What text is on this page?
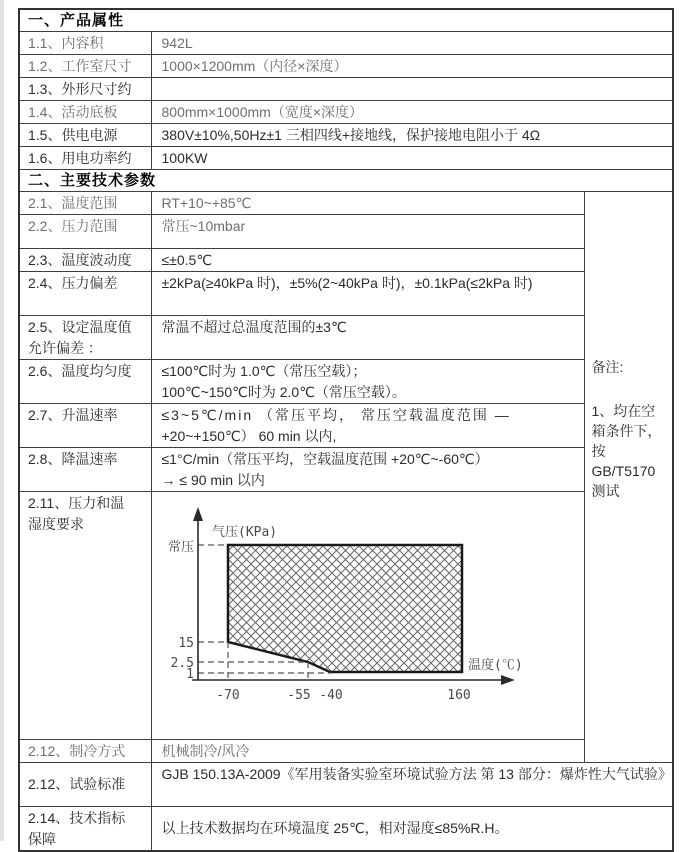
一、产品属性		
1.1、内容积	942L	
1.2、工作室尺寸	1000×1200mm（内径×深度）	
1.3、外形尺寸约		
1.4、活动底板	800mm×1000mm（宽度×深度）	
1.5、供电电源	380V±10%,50Hz±1 三相四线+接地线，保护接地电阻小于 4Ω	
1.6、用电功率约	100KW	
二、主要技术参数		
2.1、温度范围	RT+10~+85℃	备注:
1、均在空箱条件下，按
GB/T5170
测试

2.2、压力范围	常压~10mbar	
2.3、温度波动度	≤±0.5℃	
2.4、压力偏差	±2kPa(≥40kPa 时)，±5%(2~40kPa 时)，±0.1kPa(≤2kPa 时)	

2.5、设定温度值
允许偏差 ：	常温不超过总温度范围的±3℃	
2.6、温度均匀度	≤100℃时为 1.0℃（常压空载）；
100℃~150℃时为 2.0℃（常压空载）。	

2.7、升温速率	≤3~5℃/min （常压平均， 常压空载温度范围 —
+20~+150℃） 60 min 以内,	

2.8、降温速率	≤1°C/min（常压平均，空载温度范围 +20℃~-60℃）
→ ≤ 90 min 以内	

2.11、压力和温
湿度要求

气压(KPa)
温度(℃)
常压
15
2.5
1
-70	-55 -40	160

2.12、制冷方式	机械制冷/风冷	
2.12、试验标准	GJB 150.13A-2009《军用装备实验室环境试验方法 第 13 部分：爆炸性大气试验》	

2.14、技术指标
保障	以上技术数据均在环境温度 25℃，相对湿度≤85%R.H。	
